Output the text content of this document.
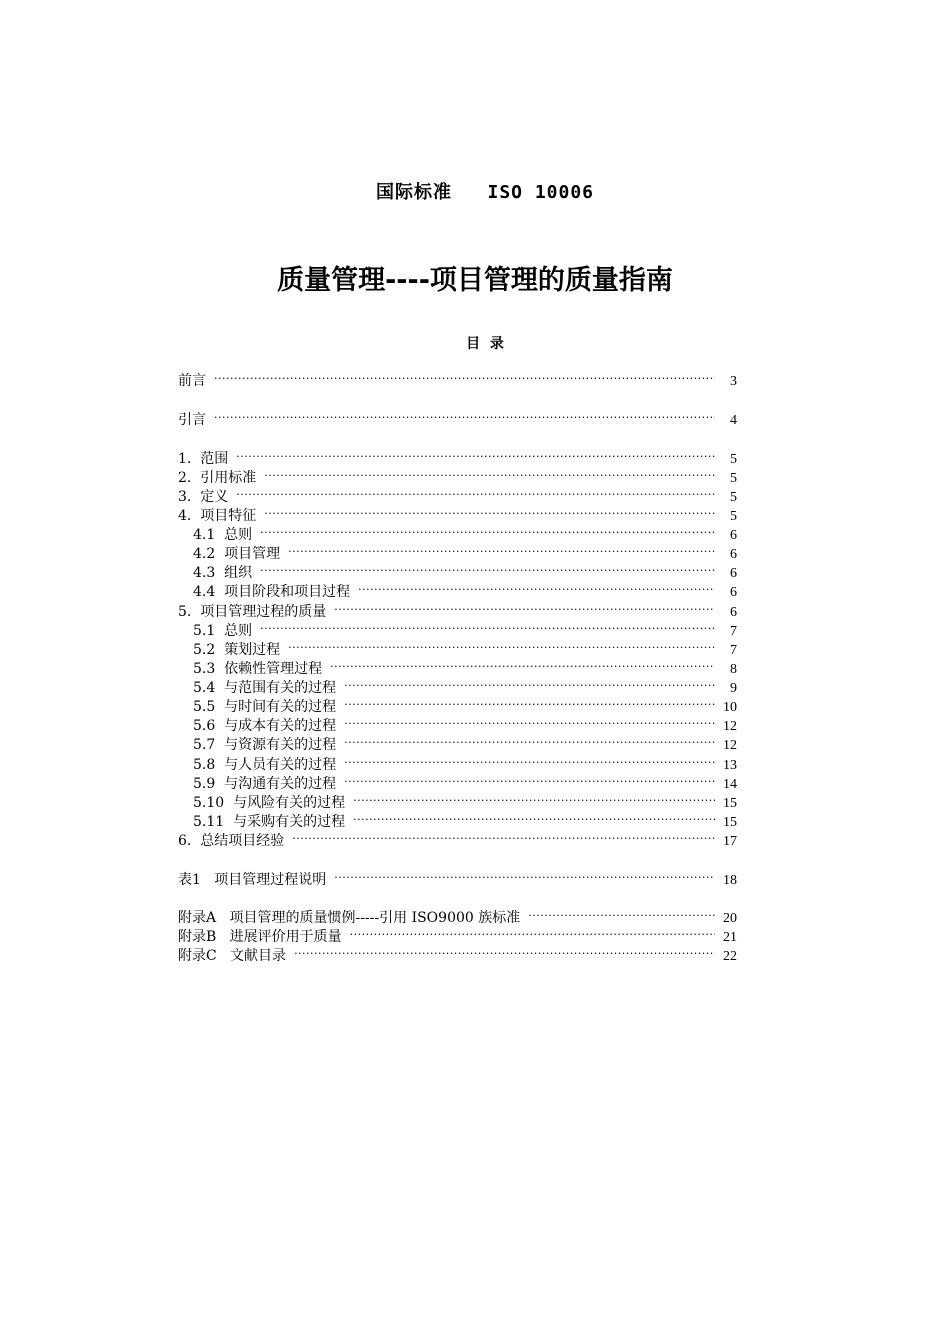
国际标准   ISO 10006
质量管理----项目管理的质量指南
目  录
前言 ·····	3
引言 ·····	4
1.  范围 ·····	5
2.  引用标准 ·····	5
3.  定义 ·····	5
4.  项目特征 ·····	5
4.1  总则 ·····	6
4.2  项目管理 ·····	6
4.3  组织 ·····	6
4.4  项目阶段和项目过程 ·····	6
5.  项目管理过程的质量 ·····	6
5.1  总则 ·····	7
5.2  策划过程 ·····	7
5.3  依赖性管理过程 ·····	8
5.4  与范围有关的过程 ·····	9
5.5  与时间有关的过程 ·····	10
5.6  与成本有关的过程 ·····	12
5.7  与资源有关的过程 ·····	12
5.8  与人员有关的过程 ·····	13
5.9  与沟通有关的过程 ·····	14
5.10  与风险有关的过程 ·····	15
5.11  与采购有关的过程 ·····	15
6.  总结项目经验 ·····	17
表1   项目管理过程说明 ·····	18
附录A   项目管理的质量惯例-----引用 ISO9000 族标准 ·····	20
附录B   进展评价用于质量 ·····	21
附录C   文献目录 ·····	22
